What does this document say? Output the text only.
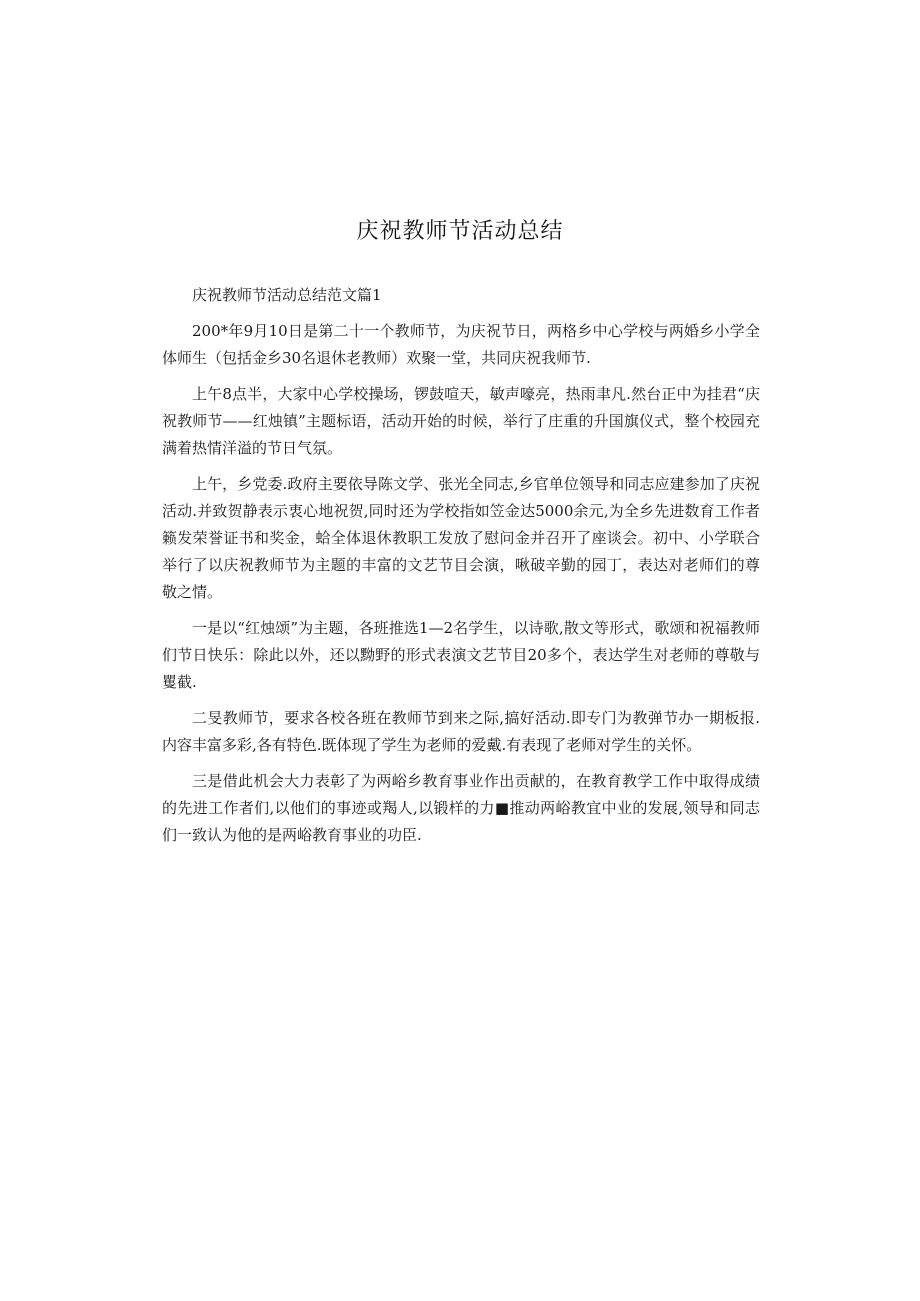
庆祝教师节活动总结

庆祝教师节活动总结范文篇1

200*年9月10日是第二十一个教师节，为庆祝节日，两格乡中心学校与两婚乡小学全体师生（包括金乡30名退休老教师）欢聚一堂，共同庆祝我师节.

上午8点半，大家中心学校操场，锣鼓喧天，敏声嚎亮，热雨聿凡.然台正中为挂君“庆祝教师节——红烛镇”主题标语，活动开始的时候，举行了庄重的升国旗仪式，整个校园充满着热情洋溢的节日气氛。

上午，乡党委.政府主要依导陈文学、张光全同志,乡官单位领导和同志应建参加了庆祝活动.并致贺静表示衷心地祝贺,同时还为学校指如笠金达5000余元,为全乡先进数育工作者籁发荣誉证书和奖金，蛤全体退休教职工发放了慰问金并召开了座谈会。初中、小学联合举行了以庆祝教师节为主题的丰富的文艺节目会演，啾破辛勤的园丁，表达对老师们的尊敬之情。

一是以“红烛颂”为主题，各班推选1—2名学生，以诗歌,散文等形式，歌颂和祝福教师们节日快乐：除此以外，还以黝野的形式表演文艺节目20多个，表达学生对老师的尊敬与矍截.

二旻教师节，要求各校各班在教师节到来之际,搞好活动.即专门为教弹节办一期板报.内容丰富多彩,各有特色.既体现了学生为老师的爱戴.有表现了老师对学生的关怀。

三是借此机会大力表彰了为两峪乡教育事业作出贡献的，在教育教学工作中取得成绩的先进工作者们,以他们的事迹或羯人,以锻样的力■推动两峪教宜中业的发展,领导和同志们一致认为他的是两峪教育事业的功臣.
